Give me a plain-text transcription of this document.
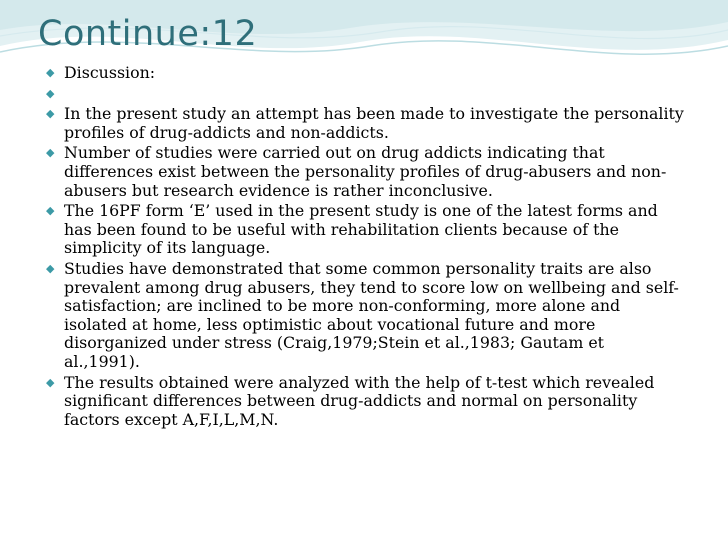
Continue:12
◆ Discussion:
◆
◆ In the present study an attempt has been made to investigate the personality profiles of drug-addicts and non-addicts.
◆ Number of studies were carried out on drug addicts indicating that differences exist between the personality profiles of drug-abusers and non-abusers but research evidence is rather inconclusive.
◆ The 16PF form ‘E’ used in the present study is one of the latest forms and has been found to be useful with rehabilitation clients because of the simplicity of its language.
◆ Studies have demonstrated that some common personality traits are also prevalent among drug abusers, they tend to score low on wellbeing and self-satisfaction; are inclined to be more non-conforming, more alone and isolated at home, less optimistic about vocational future and more disorganized under stress (Craig,1979;Stein et al.,1983; Gautam et al.,1991).
◆ The results obtained were analyzed with the help of t-test which revealed significant differences between drug-addicts and normal on personality factors except A,F,I,L,M,N.
